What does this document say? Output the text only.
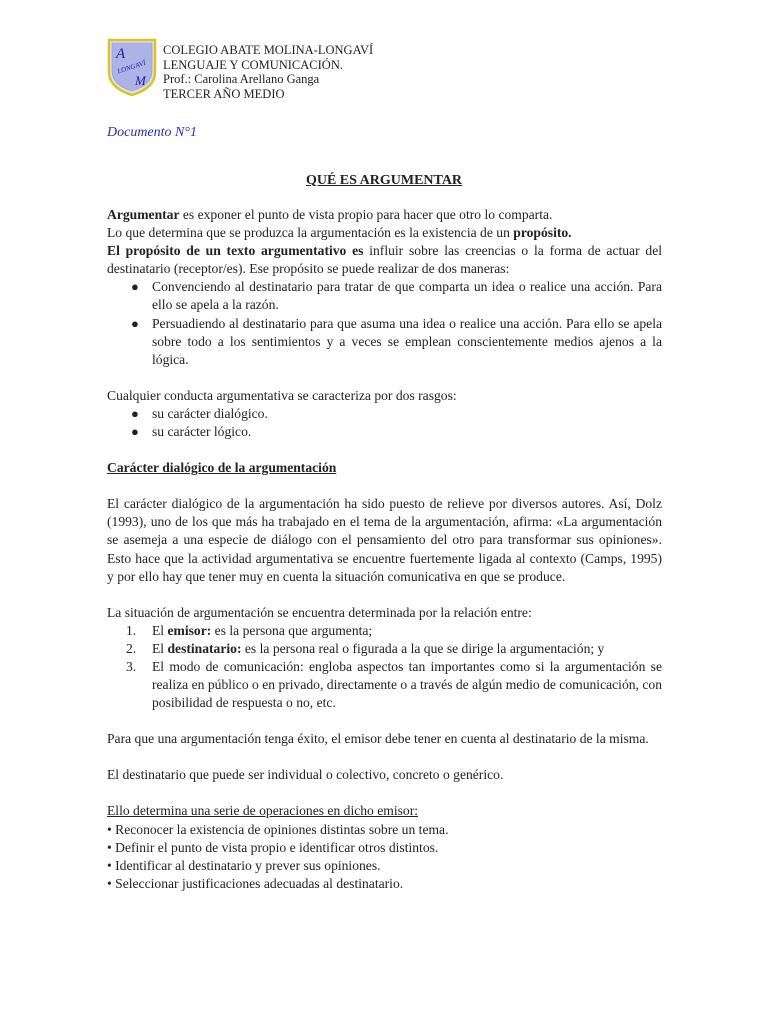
A
LONGAVÍ
M
COLEGIO ABATE MOLINA-LONGAVÍ
LENGUAJE Y COMUNICACIÓN.
Prof.: Carolina Arellano Ganga
TERCER AÑO MEDIO
Documento N°1
QUÉ ES ARGUMENTAR

Argumentar es exponer el punto de vista propio para hacer que otro lo comparta.

Lo que determina que se produzca la argumentación es la existencia de un propósito.

El propósito de un texto argumentativo es influir sobre las creencias o la forma de actuar del destinatario (receptor/es). Ese propósito se puede realizar de dos maneras:

● Convenciendo al destinatario para tratar de que comparta un idea o realice una acción. Para ello se apela a la razón.
● Persuadiendo al destinatario para que asuma una idea o realice una acción. Para ello se apela sobre todo a los sentimientos y a veces se emplean conscientemente medios ajenos a la lógica.

Cualquier conducta argumentativa se caracteriza por dos rasgos:

● su carácter dialógico.
● su carácter lógico.

Carácter dialógico de la argumentación

El carácter dialógico de la argumentación ha sido puesto de relieve por diversos autores. Así, Dolz (1993), uno de los que más ha trabajado en el tema de la argumentación, afirma: «La argumentación se asemeja a una especie de diálogo con el pensamiento del otro para transformar sus opiniones». Esto hace que la actividad argumentativa se encuentre fuertemente ligada al contexto (Camps, 1995) y por ello hay que tener muy en cuenta la situación comunicativa en que se produce.

La situación de argumentación se encuentra determinada por la relación entre:

1. El emisor: es la persona que argumenta;
2. El destinatario: es la persona real o figurada a la que se dirige la argumentación; y
3. El modo de comunicación: engloba aspectos tan importantes como si la argumentación se realiza en público o en privado, directamente o a través de algún medio de comunicación, con posibilidad de respuesta o no, etc.

Para que una argumentación tenga éxito, el emisor debe tener en cuenta al destinatario de la misma.

El destinatario que puede ser individual o colectivo, concreto o genérico.

Ello determina una serie de operaciones en dicho emisor:

• Reconocer la existencia de opiniones distintas sobre un tema.

• Definir el punto de vista propio e identificar otros distintos.

• Identificar al destinatario y prever sus opiniones.

• Seleccionar justificaciones adecuadas al destinatario.
